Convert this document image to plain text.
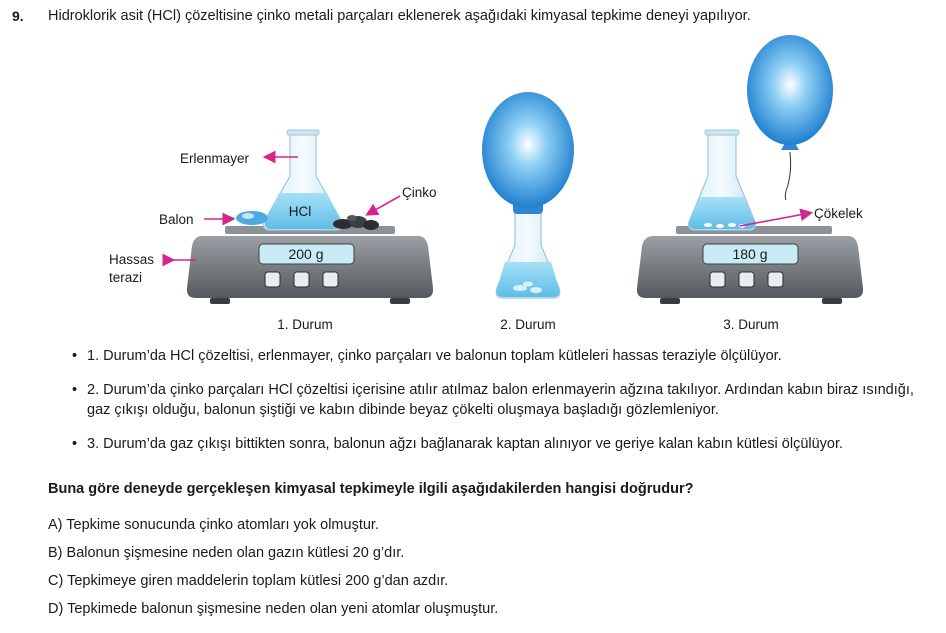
9. Hidroklorik asit (HCl) çözeltisine çinko metali parçaları eklenerek aşağıdaki kimyasal tepkime deneyi yapılıyor.
200 g
HCl
Erlenmayer
Çinko
Balon
Hassas
terazi
1. Durum	2. Durum
180 g
Çökelek
3. Durum
• 1. Durum’da HCl çözeltisi, erlenmayer, çinko parçaları ve balonun toplam kütleleri hassas teraziyle ölçülüyor.
• 2. Durum’da çinko parçaları HCl çözeltisi içerisine atılır atılmaz balon erlenmayerin ağzına takılıyor. Ardından kabın biraz ısındığı, gaz çıkışı olduğu, balonun şiştiği ve kabın dibinde beyaz çökelti oluşmaya başladığı gözlemleniyor.
• 3. Durum’da gaz çıkışı bittikten sonra, balonun ağzı bağlanarak kaptan alınıyor ve geriye kalan kabın kütlesi ölçülüyor.
Buna göre deneyde gerçekleşen kimyasal tepkimeyle ilgili aşağıdakilerden hangisi doğrudur?
A) Tepkime sonucunda çinko atomları yok olmuştur.
B) Balonun şişmesine neden olan gazın kütlesi 20 g’dır.
C) Tepkimeye giren maddelerin toplam kütlesi 200 g’dan azdır.
D) Tepkimede balonun şişmesine neden olan yeni atomlar oluşmuştur.
